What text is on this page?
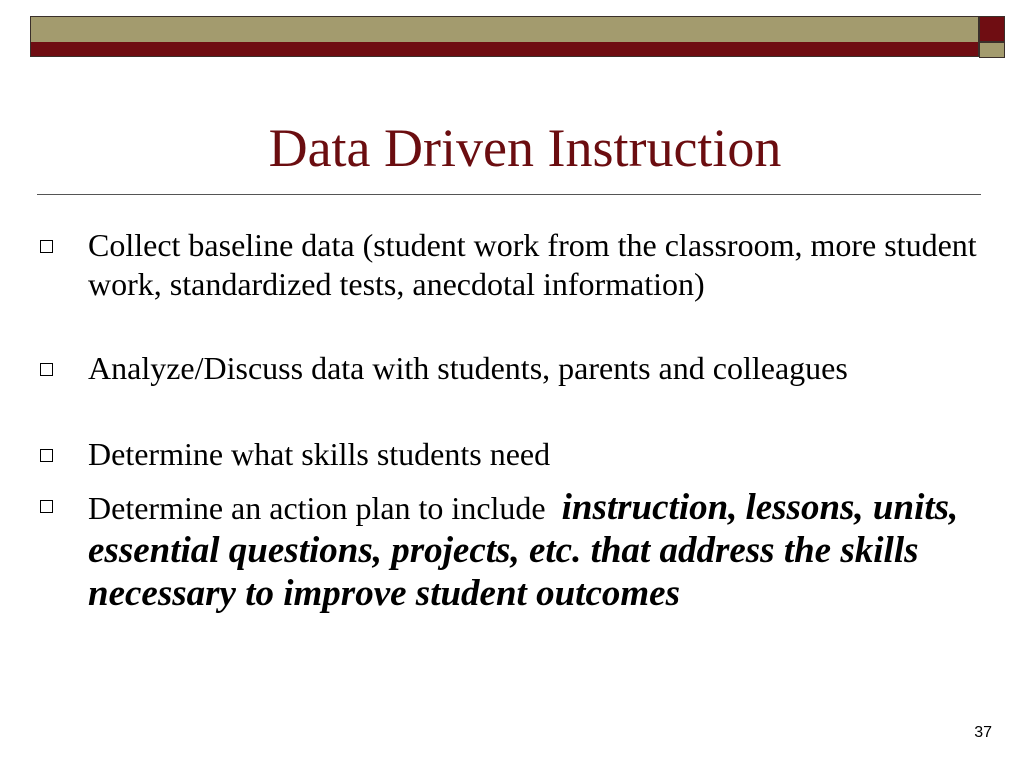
Data Driven Instruction
Collect baseline data (student work from the classroom, more student work, standardized tests, anecdotal information)
Analyze/Discuss data with students, parents and colleagues
Determine what skills students need
Determine an action plan to include instruction, lessons, units, essential questions, projects, etc. that address the skills necessary to improve student outcomes
37
